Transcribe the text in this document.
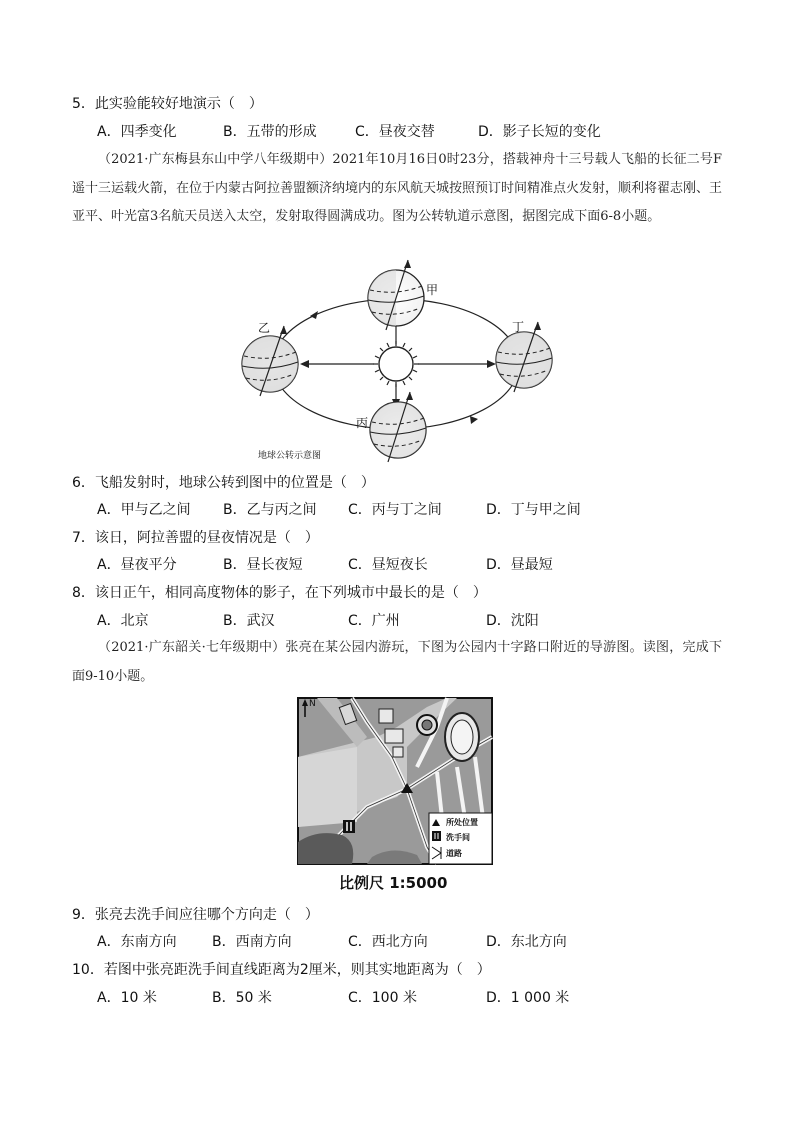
5．此实验能较好地演示（　）
A．四季变化	B．五带的形成	C．昼夜交替	D．影子长短的变化
（2021·广东梅县东山中学八年级期中）2021年10月16日0时23分，搭载神舟十三号载人飞船的长征二号F遥十三运载火箭，在位于内蒙古阿拉善盟额济纳境内的东风航天城按照预订时间精准点火发射，顺利将翟志刚、王亚平、叶光富3名航天员送入太空，发射取得圆满成功。图为公转轨道示意图，据图完成下面6-8小题。
甲
乙	丁
丙
地球公转示意图
6．飞船发射时，地球公转到图中的位置是（　）
A．甲与乙之间 B．乙与丙之间 C．丙与丁之间	D．丁与甲之间
7．该日，阿拉善盟的昼夜情况是（　）
A．昼夜平分	B．昼长夜短	C．昼短夜长	D．昼最短
8．该日正午，相同高度物体的影子，在下列城市中最长的是（　）
A．北京	B．武汉	C．广州	D．沈阳
（2021·广东韶关·七年级期中）张亮在某公园内游玩，下图为公园内十字路口附近的导游图。读图，完成下面9-10小题。
N
所处位置
洗手间
道路
比例尺 1:5000
9．张亮去洗手间应往哪个方向走（　）
A．东南方向	B．西南方向	C．西北方向	D．东北方向
10．若图中张亮距洗手间直线距离为2厘米，则其实地距离为（　）
A．10 米	B．50 米	C．100 米	D．1 000 米
